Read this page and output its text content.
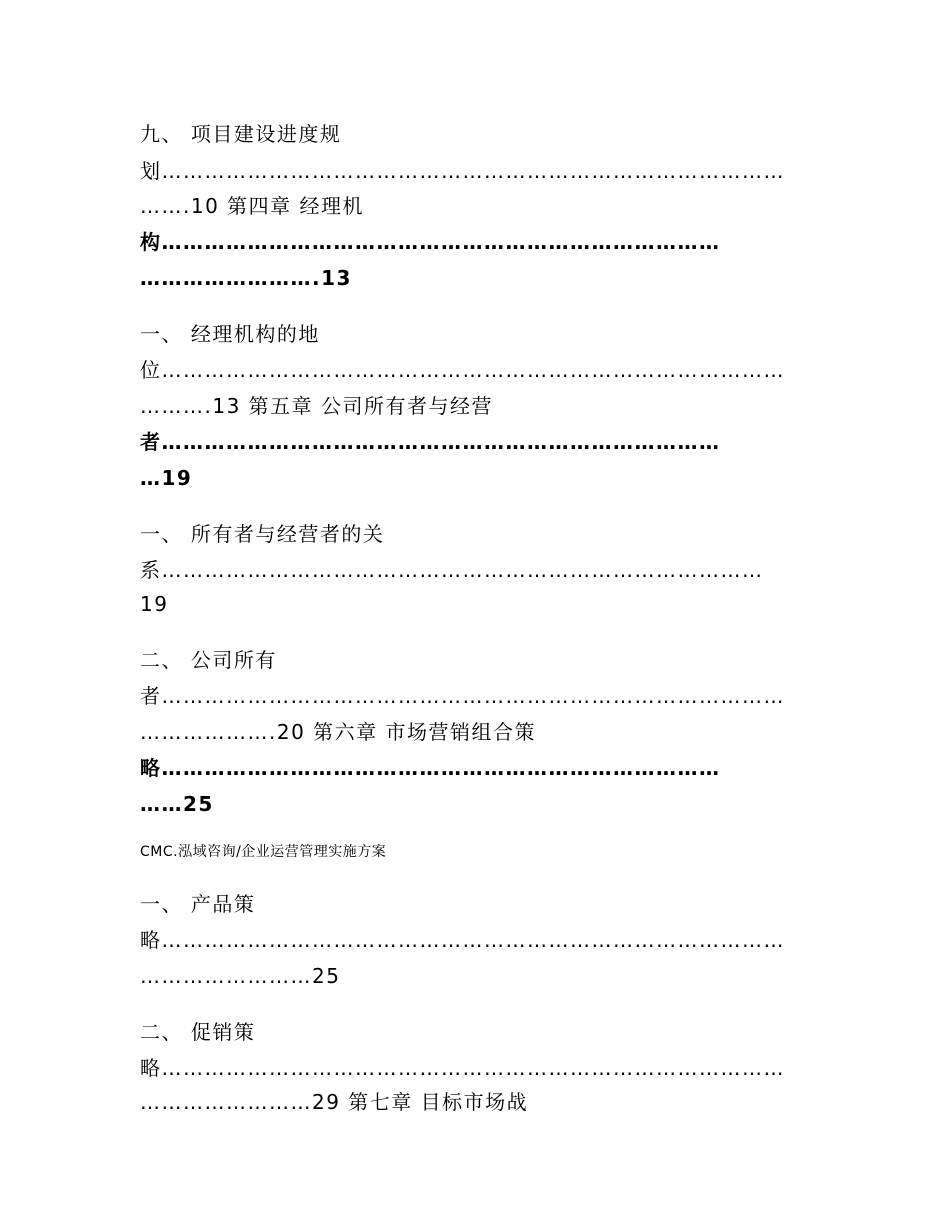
九、 项目建设进度规
划……………………………………………………………………………
…….10 第四章 经理机
构……………………………………………………………………
…………………….13
一、 经理机构的地
位……………………………………………………………………………
……….13 第五章 公司所有者与经营
者……………………………………………………………………
…19
一、 所有者与经营者的关
系…………………………………………………………………………
19
二、 公司所有
者……………………………………………………………………………
……………….20 第六章 市场营销组合策
略……………………………………………………………………
……25
CMC.泓域咨询/企业运营管理实施方案
一、 产品策
略……………………………………………………………………………
……………………25
二、 促销策
略……………………………………………………………………………
……………………29 第七章 目标市场战
